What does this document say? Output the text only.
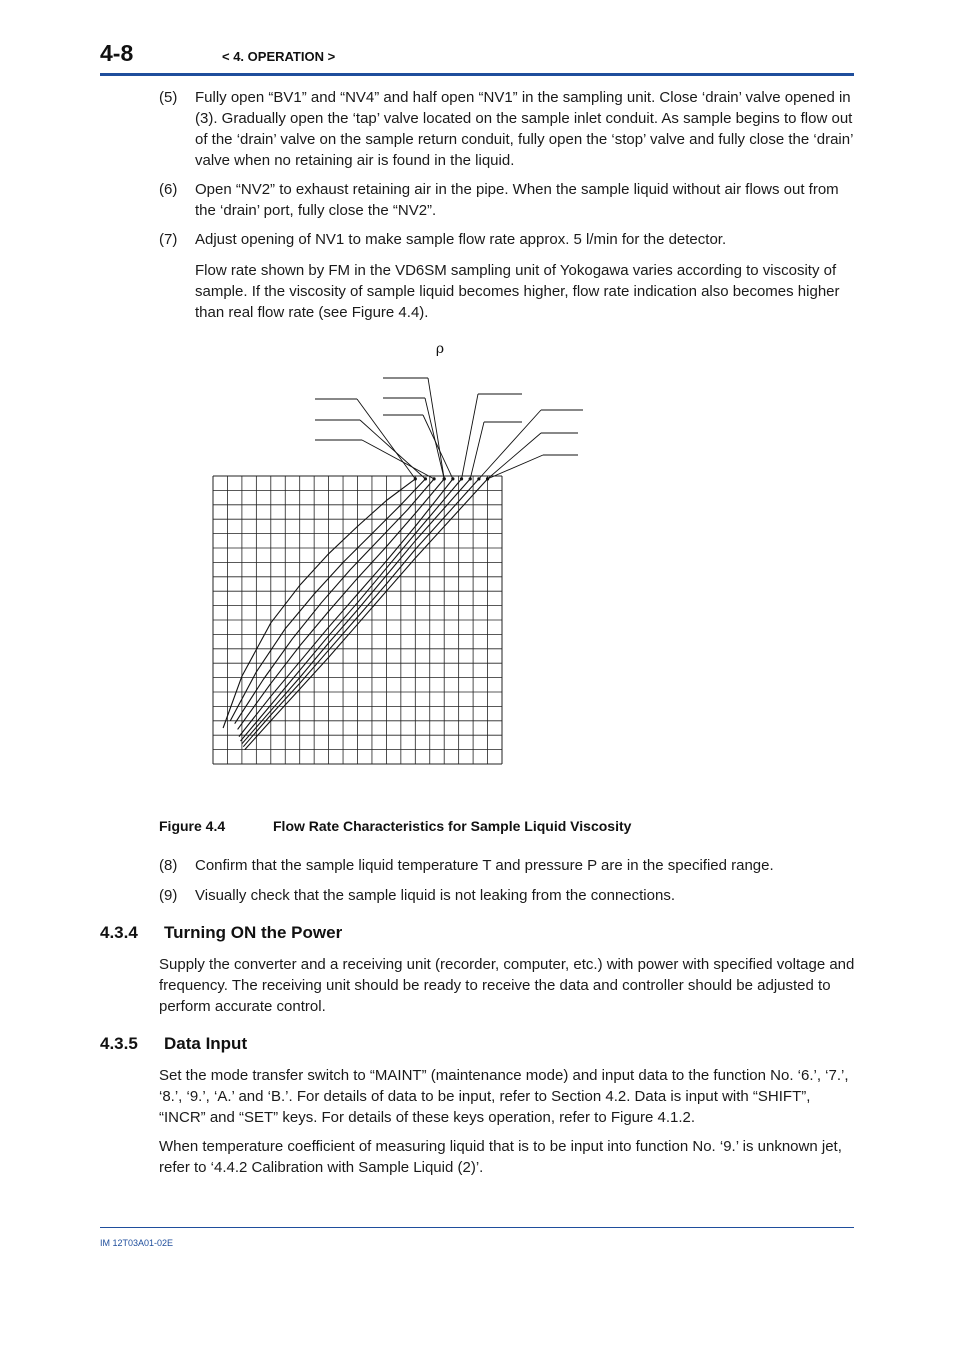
4-8	< 4. OPERATION >
(5) Fully open “BV1” and “NV4” and half open “NV1” in the sampling unit. Close ‘drain’ valve opened in (3). Gradually open the ‘tap’ valve located on the sample inlet conduit. As sample begins to flow out of the ‘drain’ valve on the sample return conduit, fully open the ‘stop’ valve and fully close the ‘drain’ valve when no retaining air is found in the liquid.
(6) Open “NV2” to exhaust retaining air in the pipe. When the sample liquid without air flows out from the ‘drain’ port, fully close the “NV2”.
(7) Adjust opening of NV1 to make sample flow rate approx. 5 l/min for the detector.
Flow rate shown by FM in the VD6SM sampling unit of Yokogawa varies according to viscosity of sample. If the viscosity of sample liquid becomes higher, flow rate indication also becomes higher than real flow rate (see Figure 4.4).
ρ
Figure 4.4	Flow Rate Characteristics for Sample Liquid Viscosity
(8) Confirm that the sample liquid temperature T and pressure P are in the specified range.
(9) Visually check that the sample liquid is not leaking from the connections.
4.3.4 Turning ON the Power
Supply the converter and a receiving unit (recorder, computer, etc.) with power with specified voltage and frequency. The receiving unit should be ready to receive the data and controller should be adjusted to perform accurate control.
4.3.5 Data Input
Set the mode transfer switch to “MAINT” (maintenance mode) and input data to the function No. ‘6.’, ‘7.’, ‘8.’, ‘9.’, ‘A.’ and ‘B.’. For details of data to be input, refer to Section 4.2. Data is input with “SHIFT”, “INCR” and “SET” keys. For details of these keys operation, refer to Figure 4.1.2.
When temperature coefficient of measuring liquid that is to be input into function No. ‘9.’ is unknown jet, refer to ‘4.4.2 Calibration with Sample Liquid (2)’.
IM 12T03A01-02E
